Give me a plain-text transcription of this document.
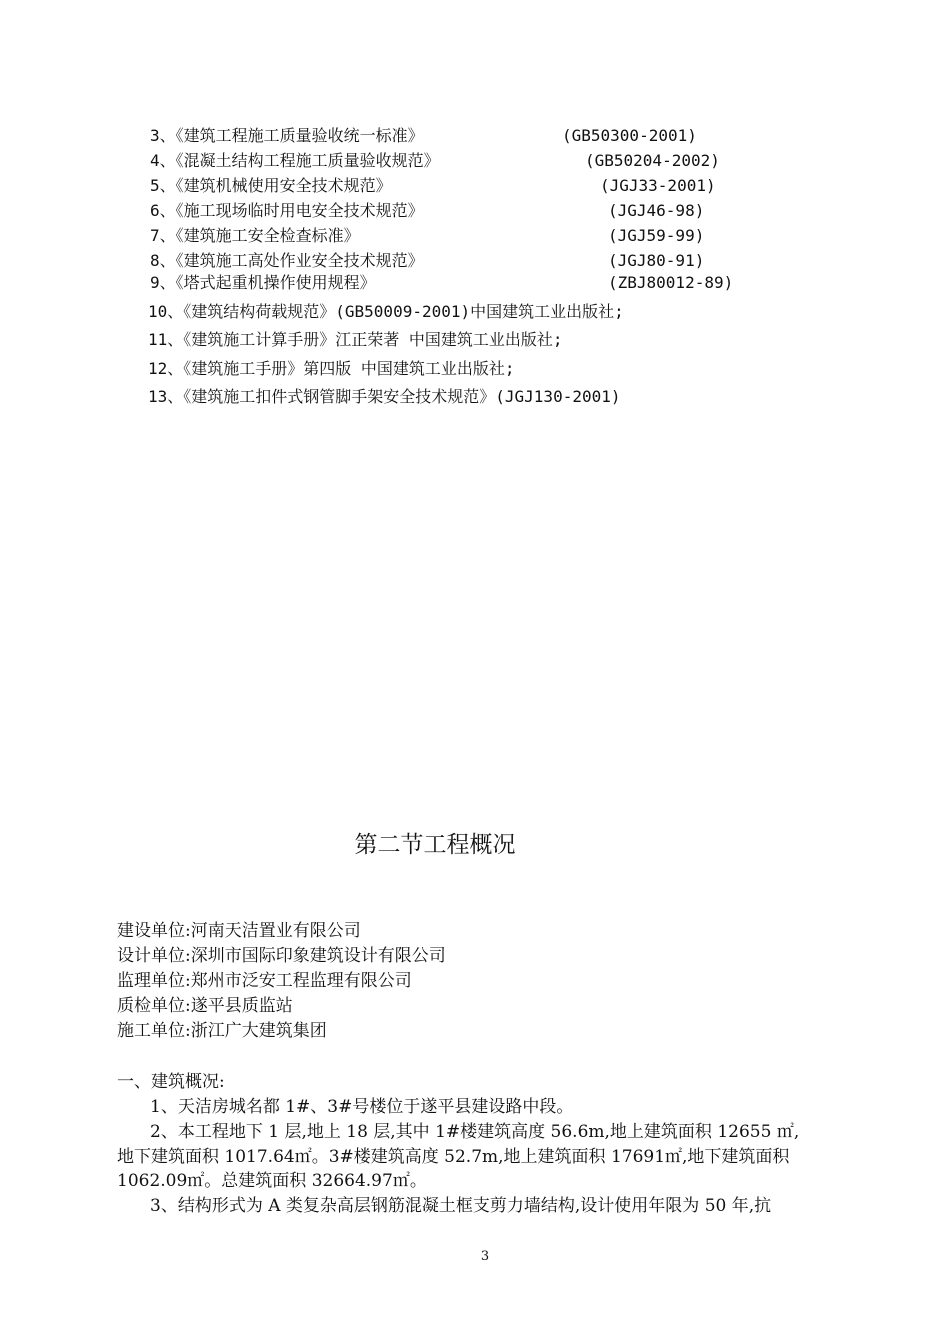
3、《建筑工程施工质量验收统一标准》	(GB50300-2001)
4、《混凝土结构工程施工质量验收规范》	(GB50204-2002)
5、《建筑机械使用安全技术规范》	(JGJ33-2001)
6、《施工现场临时用电安全技术规范》	(JGJ46-98)
7、《建筑施工安全检查标准》	(JGJ59-99)
8、《建筑施工高处作业安全技术规范》	(JGJ80-91)
9、《塔式起重机操作使用规程》	(ZBJ80012-89)
10、《建筑结构荷载规范》(GB50009-2001)中国建筑工业出版社;
11、《建筑施工计算手册》江正荣著 中国建筑工业出版社;
12、《建筑施工手册》第四版 中国建筑工业出版社;
13、《建筑施工扣件式钢管脚手架安全技术规范》(JGJ130-2001)
第二节工程概况
建设单位:河南天洁置业有限公司
设计单位:深圳市国际印象建筑设计有限公司
监理单位:郑州市泛安工程监理有限公司
质检单位:遂平县质监站
施工单位:浙江广大建筑集团
一、建筑概况:
1、天洁房城名都 1#、3#号楼位于遂平县建设路中段。
2、本工程地下 1 层,地上 18 层,其中 1#楼建筑高度 56.6m,地上建筑面积 12655 ㎡,
地下建筑面积 1017.64㎡。3#楼建筑高度 52.7m,地上建筑面积 17691㎡,地下建筑面积
1062.09㎡。总建筑面积 32664.97㎡。
3、结构形式为 A 类复杂高层钢筋混凝土框支剪力墙结构,设计使用年限为 50 年,抗
3
